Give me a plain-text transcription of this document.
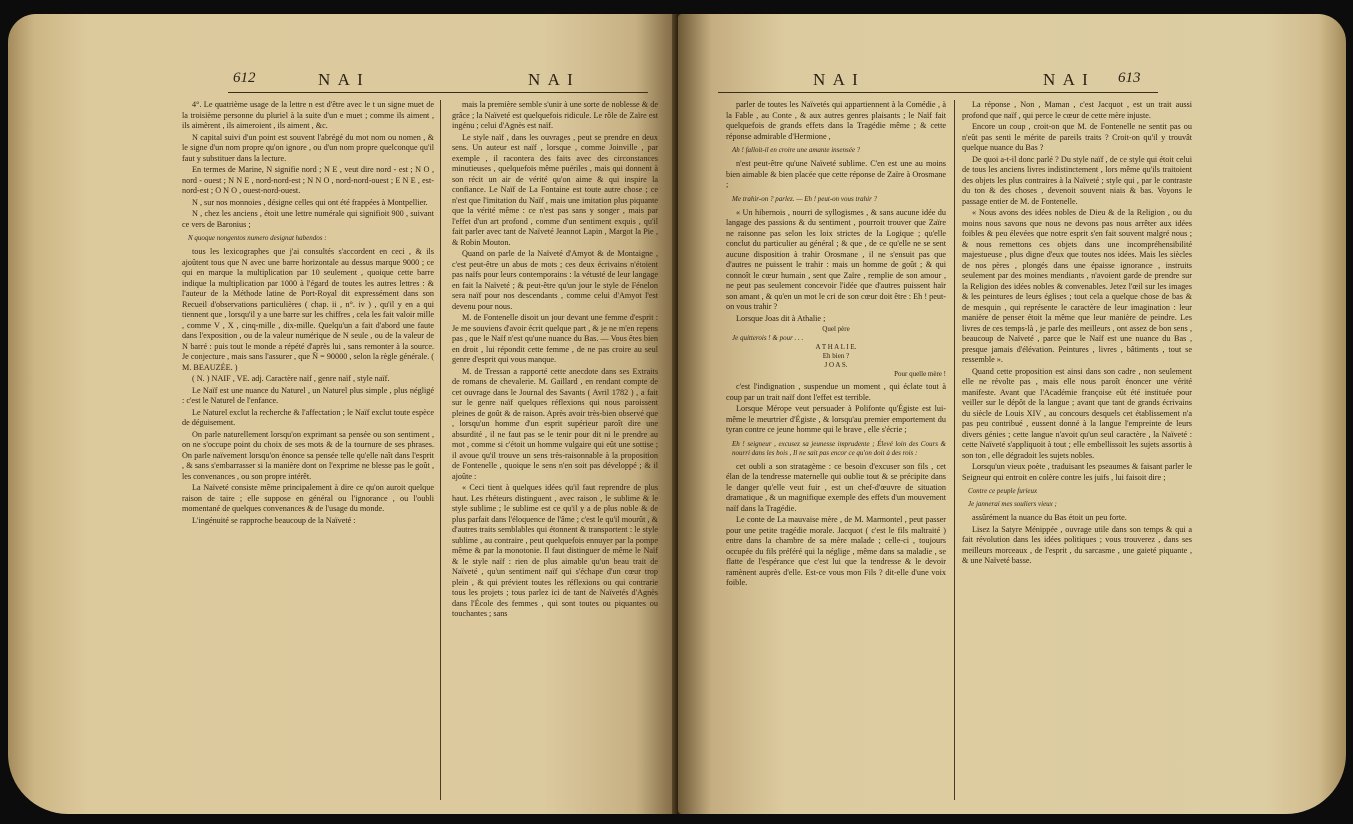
612	N A I	N A I

4°. Le quatrième usage de la lettre n est d'être avec le t un signe muet de la troisième personne du pluriel à la suite d'un e muet ; comme ils aiment , ils aimèrent , ils aimeroient , ils aiment , &c.

N capital suivi d'un point est souvent l'abrégé du mot nom ou nomen , & le signe d'un nom propre qu'on ignore , ou d'un nom propre quelconque qu'il faut y substituer dans la lecture.

En termes de Marine, N signifie nord ; N E , veut dire nord - est ; N O , nord - ouest ; N N E , nord-nord-est ; N N O , nord-nord-ouest ; E N E , est-nord-est ; O N O , ouest-nord-ouest.

N , sur nos monnoies , désigne celles qui ont été frappées à Montpellier.

N , chez les anciens , étoit une lettre numérale qui signifioit 900 , suivant ce vers de Baronius ;

N quoque nongentos numero designat habendos :

tous les lexicographes que j'ai consultés s'accordent en ceci , & ils ajoûtent tous que N avec une barre horizontale au dessus marque 9000 ; ce qui en marque la multiplication par 10 seulement , quoique cette barre indique la multiplication par 1000 à l'égard de toutes les autres lettres : & l'auteur de la Méthode latine de Port-Royal dit expressément dans son Recueil d'observations particulières ( chap. ii , n°. iv ) , qu'il y en a qui tiennent que , lorsqu'il y a une barre sur les chiffres , cela les fait valoir mille , comme V , X , cinq-mille , dix-mille. Quelqu'un a fait d'abord une faute dans l'exposition , ou de la valeur numérique de N seule , ou de la valeur de N barré : puis tout le monde a répété d'après lui , sans remonter à la source. Je conjecture , mais sans l'assurer , que N̄ = 90000 , selon la règle générale. ( M. BEAUZÉE. )

( N. ) NAIF , VE. adj. Caractère naïf , genre naïf , style naïf.

Le Naïf est une nuance du Naturel , un Naturel plus simple , plus négligé : c'est le Naturel de l'enfance.

Le Naturel exclut la recherche & l'affectation ; le Naïf exclut toute espèce de déguisement.

On parle naturellement lorsqu'on exprimant sa pensée ou son sentiment , on ne s'occupe point du choix de ses mots & de la tournure de ses phrases. On parle naïvement lorsqu'on énonce sa pensée telle qu'elle naît dans l'esprit , & sans s'embarrasser si la manière dont on l'exprime ne blesse pas le goût , les convenances , ou son propre intérêt.

La Naïveté consiste même principalement à dire ce qu'on auroit quelque raison de taire ; elle suppose en général ou l'ignorance , ou l'oubli momentané de quelques convenances & de l'usage du monde.

L'ingénuité se rapproche beaucoup de la Naïveté :

mais la première semble s'unir à une sorte de noblesse & de grâce ; la Naïveté est quelquefois ridicule. Le rôle de Zaïre est ingénu ; celui d'Agnès est naïf.

Le style naïf , dans les ouvrages , peut se prendre en deux sens. Un auteur est naïf , lorsque , comme Joinville , par exemple , il racontera des faits avec des circonstances minutieuses , quelquefois même puériles , mais qui donnent à son récit un air de vérité qu'on aime & qui inspire la confiance. Le Naïf de La Fontaine est toute autre chose ; ce n'est que l'imitation du Naïf , mais une imitation plus piquante que la vérité même : ce n'est pas sans y songer , mais par l'effet d'un art profond , comme d'un sentiment exquis , qu'il fait parler avec tant de Naïveté Jeannot Lapin , Margot la Pie , & Robin Mouton.

Quand on parle de la Naïveté d'Amyot & de Montaigne , c'est peut-être un abus de mots ; ces deux écrivains n'étoient pas naïfs pour leurs contemporains : la vétusté de leur langage en fait la Naïveté ; & peut-être qu'un jour le style de Fénelon sera naïf pour nos descendants , comme celui d'Amyot l'est devenu pour nous.

M. de Fontenelle disoit un jour devant une femme d'esprit : Je me souviens d'avoir écrit quelque part , & je ne m'en repens pas , que le Naïf n'est qu'une nuance du Bas. — Vous êtes bien en droit , lui répondit cette femme , de ne pas croire au seul genre d'esprit qui vous manque.

M. de Tressan a rapporté cette anecdote dans ses Extraits de romans de chevalerie. M. Gaillard , en rendant compte de cet ouvrage dans le Journal des Savants ( Avril 1782 ) , a fait sur le genre naïf quelques réflexions qui nous paroissent pleines de goût & de raison. Après avoir très-bien observé que , lorsqu'un homme d'un esprit supérieur paroît dire une absurdité , il ne faut pas se le tenir pour dit ni le prendre au mot , comme si c'étoit un homme vulgaire qui eût une sottise ; il avoue qu'il trouve un sens très-raisonnable à la proposition de Fontenelle , quoique le sens n'en soit pas développé ; & il ajoûte :

« Ceci tient à quelques idées qu'il faut reprendre de plus haut. Les rhéteurs distinguent , avec raison , le sublime & le style sublime ; le sublime est ce qu'il y a de plus noble & de plus parfait dans l'éloquence de l'âme ; c'est le qu'il mourût , & d'autres traits semblables qui étonnent & transportent : le style sublime , au contraire , peut quelquefois ennuyer par la pompe même & par la monotonie. Il faut distinguer de même le Naïf & le style naïf : rien de plus aimable qu'un beau trait de Naïveté , qu'un sentiment naïf qui s'échape d'un cœur trop plein , & qui prévient toutes les réflexions ou qui contrarie tous les projets ; tous parlez ici de tant de Naïvetés d'Agnès dans l'École des femmes , qui sont toutes ou piquantes ou touchantes ; sans

N A I	N A I 613

parler de toutes les Naïvetés qui appartiennent à la Comédie , à la Fable , au Conte , & aux autres genres plaisants ; le Naïf fait quelquefois de grands effets dans la Tragédie même ; & cette réponse admirable d'Hermione ,

Ah ! falloit-il en croire une amante insensée ?

n'est peut-être qu'une Naïveté sublime. C'en est une au moins bien aimable & bien placée que cette réponse de Zaïre à Orosmane ;

Me trahir-on ? parlez. — Eh ! peut-on vous trahir ?

« Un hibernois , nourri de syllogismes , & sans aucune idée du langage des passions & du sentiment , pourroit trouver que Zaïre ne raisonne pas selon les loix strictes de la Logique ; qu'elle conclut du particulier au général ; & que , de ce qu'elle ne se sent aucune disposition à trahir Orosmane , il ne s'ensuit pas que d'autres ne puissent le trahir : mais un homme de goût ; & qui connoît le cœur humain , sent que Zaïre , remplie de son amour , ne peut pas seulement concevoir l'idée que d'autres puissent haïr son amant , & qu'en un mot le cri de son cœur doit être : Eh ! peut-on vous trahir ?

Lorsque Joas dit à Athalie ;

Quel père

Je quitterois ! & pour . . .

A T H A L I E.

Eh bien ?

J O A S.

Pour quelle mère !

c'est l'indignation , suspendue un moment , qui éclate tout à coup par un trait naïf dont l'effet est terrible.

Lorsque Mérope veut persuader à Polifonte qu'Égiste est lui-même le meurtrier d'Égiste , & lorsqu'au premier emportement du tyran contre ce jeune homme qui le brave , elle s'écrie ;

Eh ! seigneur , excusez sa jeunesse imprudente ; Élevé loin des Cours & nourri dans les bois , Il ne sait pas encor ce qu'on doit à des rois :

cet oubli a son stratagème : ce besoin d'excuser son fils , cet élan de la tendresse maternelle qui oublie tout & se précipite dans le danger qu'elle veut fuir , est un chef-d'œuvre de situation dramatique , & un magnifique exemple des effets d'un mouvement naïf dans la Tragédie.

Le conte de La mauvaise mère , de M. Marmontel , peut passer pour une petite tragédie morale. Jacquot ( c'est le fils maltraité ) entre dans la chambre de sa mère malade ; celle-ci , toujours occupée du fils préféré qui la néglige , même dans sa maladie , se flatte de l'espérance que c'est lui que la tendresse & le devoir ramènent auprès d'elle. Est-ce vous mon Fils ? dit-elle d'une voix foible.

La réponse , Non , Maman , c'est Jacquot , est un trait aussi profond que naïf , qui perce le cœur de cette mère injuste.

Encore un coup , croit-on que M. de Fontenelle ne sentit pas ou n'eût pas senti le mérite de pareils traits ? Croit-on qu'il y trouvât quelque nuance du Bas ?

De quoi a-t-il donc parlé ? Du style naïf , de ce style qui étoit celui de tous les anciens livres indistinctement , lors même qu'ils traitoient des objets les plus contraires à la Naïveté ; style qui , par le contraste du ton & des choses , devenoit souvent niais & bas. Voyons le passage entier de M. de Fontenelle.

« Nous avons des idées nobles de Dieu & de la Religion , ou du moins nous savons que nous ne devons pas nous arrêter aux idées foibles & peu élevées que notre esprit s'en fait souvent malgré nous ; & nous remettons ces objets dans une incompréhensibilité majestueuse , plus digne d'eux que toutes nos idées. Mais les siècles de nos pères , plongés dans une épaisse ignorance , instruits seulement par des moines mendiants , n'avoient garde de prendre sur la Religion des idées nobles & convenables. Jetez l'œil sur les images & les peintures de leurs églises ; tout cela a quelque chose de bas & de mesquin , qui représente le caractère de leur imagination : leur manière de penser étoit la même que leur manière de peindre. Les livres de ces temps-là , je parle des meilleurs , ont assez de bon sens , beaucoup de Naïveté , parce que le Naïf est une nuance du Bas , presque jamais d'élévation. Peintures , livres , bâtiments , tout se ressemble ».

Quand cette proposition est ainsi dans son cadre , non seulement elle ne révolte pas , mais elle nous paroît énoncer une vérité manifeste. Avant que l'Académie françoise eût été instituée pour veiller sur le dépôt de la langue ; avant que tant de grands écrivains du siècle de Louis XIV , au concours desquels cet établissement n'a pas peu contribué , eussent donné à la langue l'empreinte de leurs divers génies ; cette langue n'avoit qu'un seul caractère , la Naïveté : cette Naïveté s'appliquoit à tout ; elle embellissoit les sujets assortis à son ton , elle dégradoit les sujets nobles.

Lorsqu'un vieux poète , traduisant les pseaumes & faisant parler le Seigneur qui entroit en colère contre les juifs , lui faisoit dire ;

Contre ce peuple furieux

Je jannerai mes souliers vieux ;

assûrément la nuance du Bas étoit un peu forte.

Lisez la Satyre Ménippée , ouvrage utile dans son temps & qui a fait révolution dans les idées politiques ; vous trouverez , dans ses meilleurs morceaux , de l'esprit , du sarcasme , une gaieté piquante , & une Naïveté basse.
